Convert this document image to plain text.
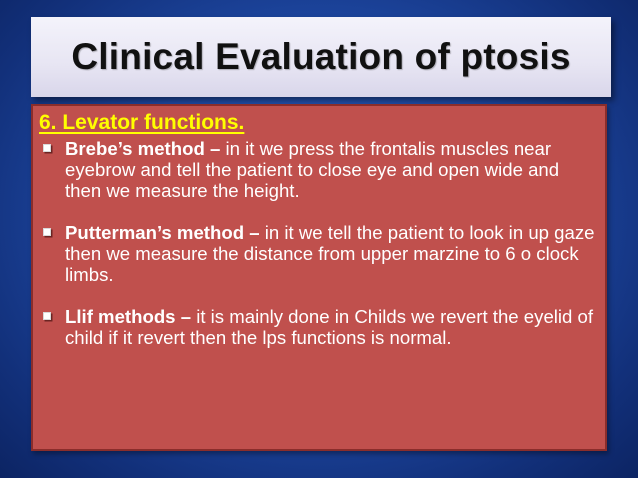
Clinical Evaluation of ptosis
6. Levator functions.
Brebe’s method – in it we press the frontalis muscles near eyebrow and tell the patient to close eye and open wide and then we measure the height.
Putterman’s method – in it we tell the patient to look in up gaze then we measure the distance from upper marzine to 6 o clock limbs.
Llif methods – it is mainly done in Childs we revert the eyelid of child if it revert then the lps functions is normal.
